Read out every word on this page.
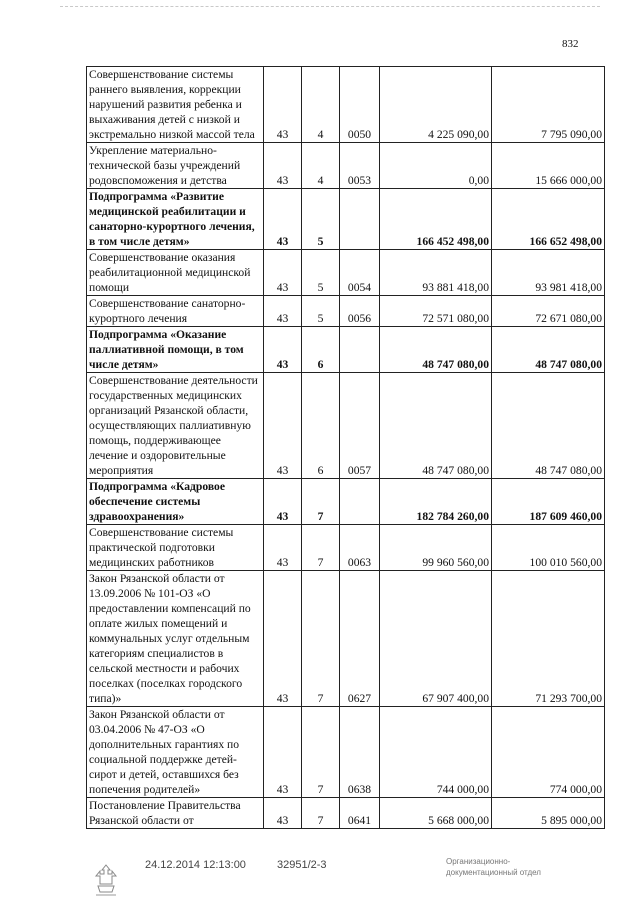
832
Совершенствование системы раннего выявления, коррекции нарушений развития ребенка и выхаживания детей с низкой и экстремально низкой массой тела	43	4	0050	4 225 090,00	7 795 090,00
Укрепление материально-технической базы учреждений родовспоможения и детства	43	4	0053	0,00	15 666 000,00
Подпрограмма «Развитие медицинской реабилитации и санаторно-курортного лечения, в том числе детям»	43	5		166 452 498,00	166 652 498,00
Совершенствование оказания реабилитационной медицинской помощи	43	5	0054	93 881 418,00	93 981 418,00
Совершенствование санаторно-курортного лечения	43	5	0056	72 571 080,00	72 671 080,00
Подпрограмма «Оказание паллиативной помощи, в том числе детям»	43	6		48 747 080,00	48 747 080,00
Совершенствование деятельности государственных медицинских организаций Рязанской области, осуществляющих паллиативную помощь, поддерживающее лечение и оздоровительные мероприятия	43	6	0057	48 747 080,00	48 747 080,00
Подпрограмма «Кадровое обеспечение системы здравоохранения»	43	7		182 784 260,00	187 609 460,00
Совершенствование системы практической подготовки медицинских работников	43	7	0063	99 960 560,00	100 010 560,00
Закон Рязанской области от 13.09.2006 № 101-ОЗ «О предоставлении компенсаций по оплате жилых помещений и коммунальных услуг отдельным категориям специалистов в сельской местности и рабочих поселках (поселках городского типа)»	43	7	0627	67 907 400,00	71 293 700,00
Закон Рязанской области от 03.04.2006 № 47-ОЗ «О дополнительных гарантиях по социальной поддержке детей-сирот и детей, оставшихся без попечения родителей»	43	7	0638	744 000,00	774 000,00
Постановление Правительства Рязанской области от	43	7	0641	5 668 000,00	5 895 000,00
24.12.2014 12:13:00	32951/2-3	Организационно-
документационный отдел
